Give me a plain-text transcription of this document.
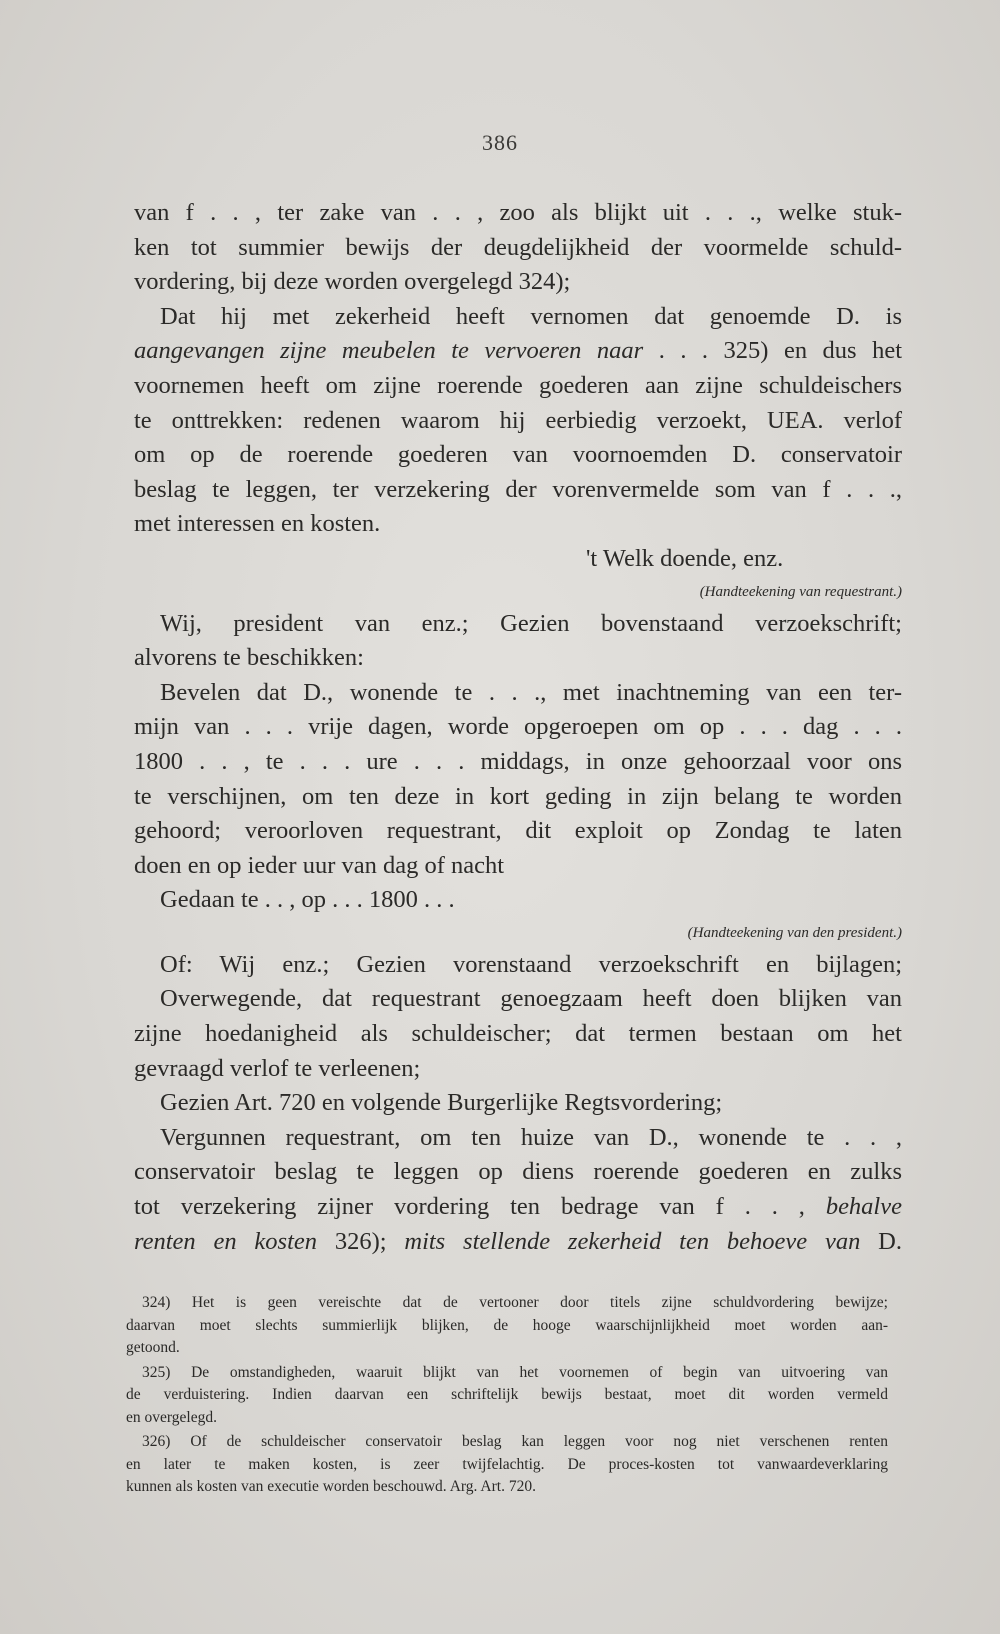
386
van f . . , ter zake van . . , zoo als blijkt uit . . ., welke stuk-
ken tot summier bewijs der deugdelijkheid der voormelde schuld-
vordering, bij deze worden overgelegd 324);
Dat hij met zekerheid heeft vernomen dat genoemde D. is
aangevangen zijne meubelen te vervoeren naar . . . 325) en dus het
voornemen heeft om zijne roerende goederen aan zijne schuldeischers
te onttrekken: redenen waarom hij eerbiedig verzoekt, UEA. verlof
om op de roerende goederen van voornoemden D. conservatoir
beslag te leggen, ter verzekering der vorenvermelde som van f . . .,
met interessen en kosten.
't Welk doende, enz.
(Handteekening van requestrant.)
Wij, president van enz.; Gezien bovenstaand verzoekschrift;
alvorens te beschikken:
Bevelen dat D., wonende te . . ., met inachtneming van een ter-
mijn van . . . vrije dagen, worde opgeroepen om op . . . dag . . .
1800 . . , te . . . ure . . . middags, in onze gehoorzaal voor ons
te verschijnen, om ten deze in kort geding in zijn belang te worden
gehoord; veroorloven requestrant, dit exploit op Zondag te laten
doen en op ieder uur van dag of nacht
Gedaan te . . , op . . . 1800 . . .
(Handteekening van den president.)
Of: Wij enz.; Gezien vorenstaand verzoekschrift en bijlagen;
Overwegende, dat requestrant genoegzaam heeft doen blijken van
zijne hoedanigheid als schuldeischer; dat termen bestaan om het
gevraagd verlof te verleenen;
Gezien Art. 720 en volgende Burgerlijke Regtsvordering;
Vergunnen requestrant, om ten huize van D., wonende te . . ,
conservatoir beslag te leggen op diens roerende goederen en zulks
tot verzekering zijner vordering ten bedrage van f . . , behalve
renten en kosten 326); mits stellende zekerheid ten behoeve van D.
324) Het is geen vereischte dat de vertooner door titels zijne schuldvordering bewijze;
daarvan moet slechts summierlijk blijken, de hooge waarschijnlijkheid moet worden aan-
getoond.
325) De omstandigheden, waaruit blijkt van het voornemen of begin van uitvoering van
de verduistering. Indien daarvan een schriftelijk bewijs bestaat, moet dit worden vermeld
en overgelegd.
326) Of de schuldeischer conservatoir beslag kan leggen voor nog niet verschenen renten
en later te maken kosten, is zeer twijfelachtig. De proces-kosten tot vanwaardeverklaring
kunnen als kosten van executie worden beschouwd. Arg. Art. 720.
